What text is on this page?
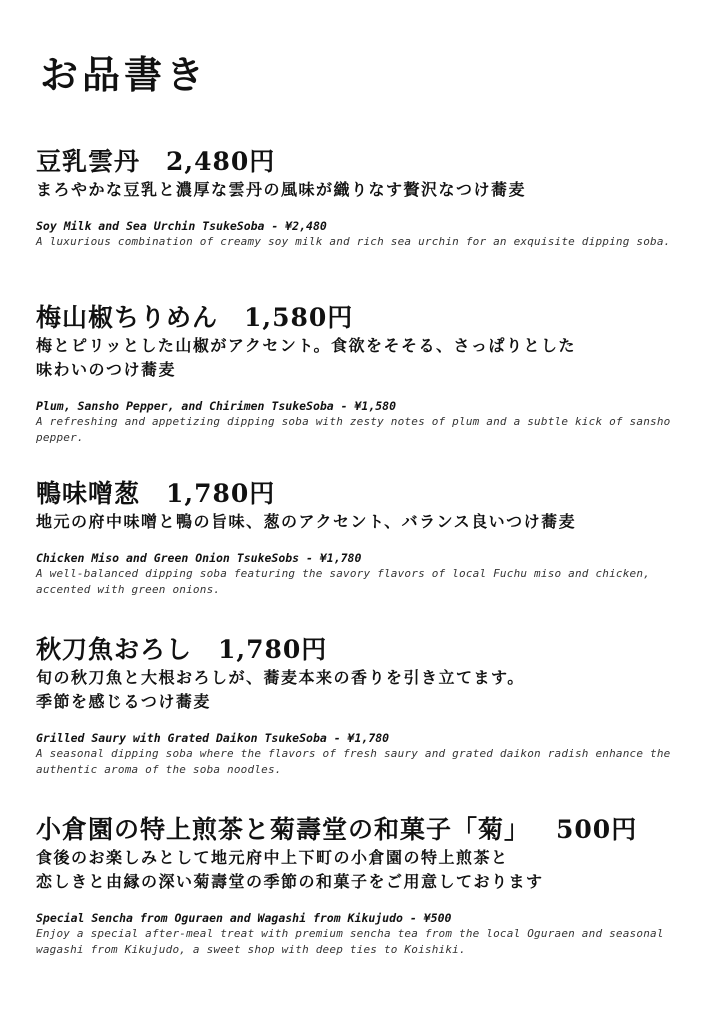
お品書き
豆乳雲丹 2,480円
まろやかな豆乳と濃厚な雲丹の風味が織りなす贅沢なつけ蕎麦
Soy Milk and Sea Urchin TsukeSoba - ¥2,480
A luxurious combination of creamy soy milk and rich sea urchin for an exquisite dipping soba.
梅山椒ちりめん 1,580円
梅とピリッとした山椒がアクセント。食欲をそそる、さっぱりとした
味わいのつけ蕎麦
Plum, Sansho Pepper, and Chirimen TsukeSoba - ¥1,580
A refreshing and appetizing dipping soba with zesty notes of plum and a subtle kick of sansho pepper.
鴨味噌葱 1,780円
地元の府中味噌と鴨の旨味、葱のアクセント、バランス良いつけ蕎麦
Chicken Miso and Green Onion TsukeSobs - ¥1,780
A well-balanced dipping soba featuring the savory flavors of local Fuchu miso and chicken, accented with green onions.
秋刀魚おろし 1,780円
旬の秋刀魚と大根おろしが、蕎麦本来の香りを引き立てます。
季節を感じるつけ蕎麦
Grilled Saury with Grated Daikon TsukeSoba - ¥1,780
A seasonal dipping soba where the flavors of fresh saury and grated daikon radish enhance the authentic aroma of the soba noodles.
小倉園の特上煎茶と菊壽堂の和菓子「菊」 500円
食後のお楽しみとして地元府中上下町の小倉園の特上煎茶と
恋しきと由縁の深い菊壽堂の季節の和菓子をご用意しております
Special Sencha from Oguraen and Wagashi from Kikujudo - ¥500
Enjoy a special after-meal treat with premium sencha tea from the local Oguraen and seasonal wagashi from Kikujudo, a sweet shop with deep ties to Koishiki.
